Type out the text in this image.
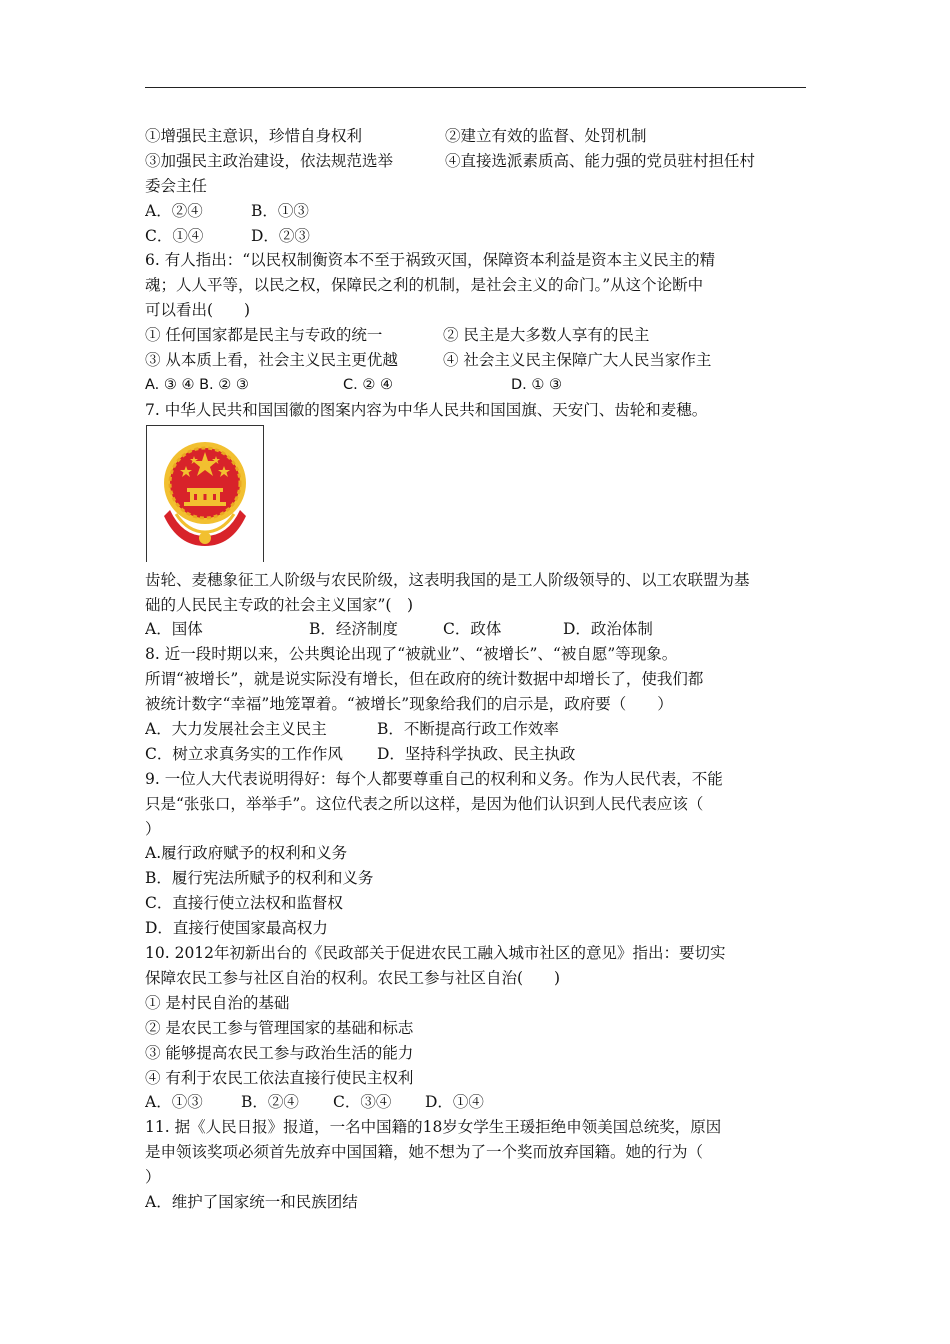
①增强民主意识，珍惜自身权利	②建立有效的监督、处罚机制
③加强民主政治建设，依法规范选举	④直接选派素质高、能力强的党员驻村担任村
委会主任
A．②④	B．①③
C．①④	D．②③
6. 有人指出：“以民权制衡资本不至于祸致灭国，保障资本利益是资本主义民主的精
魂；人人平等，以民之权，保障民之利的机制，是社会主义的命门。”从这个论断中
可以看出(　　)
① 任何国家都是民主与专政的统一	② 民主是大多数人享有的民主
③ 从本质上看，社会主义民主更优越	④ 社会主义民主保障广大人民当家作主
A. ③ ④ B. ② ③	C. ② ④	D. ① ③
7. 中华人民共和国国徽的图案内容为中华人民共和国国旗、天安门、齿轮和麦穗。
齿轮、麦穗象征工人阶级与农民阶级，这表明我国的是工人阶级领导的、以工农联盟为基
础的人民民主专政的社会主义国家”(　)
A．国体	B．经济制度	C．政体	D．政治体制
8. 近一段时期以来，公共舆论出现了“被就业”、“被增长”、“被自愿”等现象。
所谓“被增长”，就是说实际没有增长，但在政府的统计数据中却增长了，使我们都
被统计数字“幸福”地笼罩着。“被增长”现象给我们的启示是，政府要（　　）
A．大力发展社会主义民主	B．不断提高行政工作效率
C．树立求真务实的工作作风 D．坚持科学执政、民主执政
9. 一位人大代表说明得好：每个人都要尊重自己的权利和义务。作为人民代表，不能
只是“张张口，举举手”。这位代表之所以这样，是因为他们认识到人民代表应该（
）
A.履行政府赋予的权利和义务
B．履行宪法所赋予的权利和义务
C．直接行使立法权和监督权
D．直接行使国家最高权力
10. 2012年初新出台的《民政部关于促进农民工融入城市社区的意见》指出：要切实
保障农民工参与社区自治的权利。农民工参与社区自治(　　)
① 是村民自治的基础
② 是农民工参与管理国家的基础和标志
③ 能够提高农民工参与政治生活的能力
④ 有利于农民工依法直接行使民主权利
A．①③ B．②④ C．③④ D．①④
11. 据《人民日报》报道，一名中国籍的18岁女学生王瑗拒绝申领美国总统奖，原因
是申领该奖项必须首先放弃中国国籍，她不想为了一个奖而放弃国籍。她的行为（
）
A．维护了国家统一和民族团结
